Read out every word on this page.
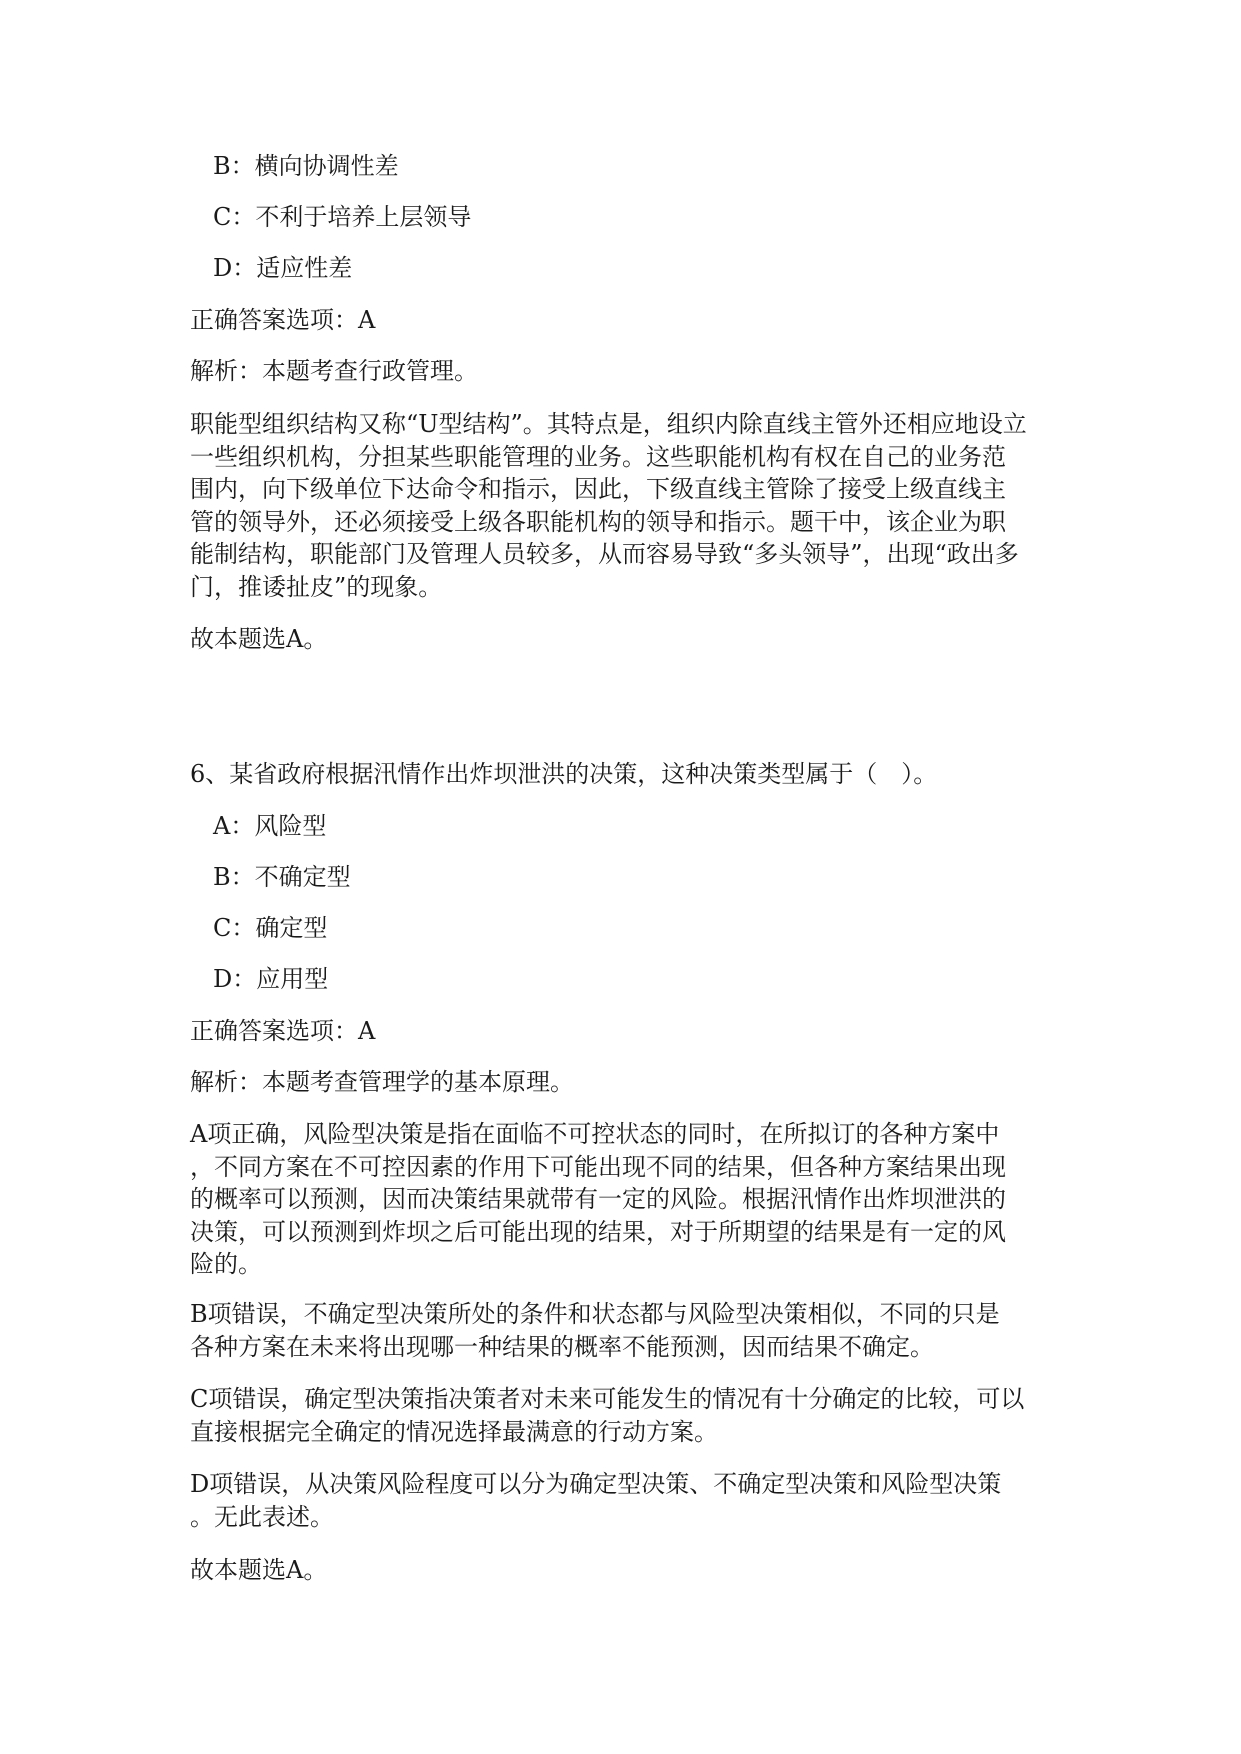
B：横向协调性差
C：不利于培养上层领导
D：适应性差
正确答案选项：A
解析：本题考查行政管理。
职能型组织结构又称“U型结构”。其特点是，组织内除直线主管外还相应地设立
一些组织机构，分担某些职能管理的业务。这些职能机构有权在自己的业务范
围内，向下级单位下达命令和指示，因此，下级直线主管除了接受上级直线主
管的领导外，还必须接受上级各职能机构的领导和指示。题干中，该企业为职
能制结构，职能部门及管理人员较多，从而容易导致“多头领导”，出现“政出多
门，推诿扯皮”的现象。
故本题选A。
6、某省政府根据汛情作出炸坝泄洪的决策，这种决策类型属于（　）。
A：风险型
B：不确定型
C：确定型
D：应用型
正确答案选项：A
解析：本题考查管理学的基本原理。
A项正确，风险型决策是指在面临不可控状态的同时，在所拟订的各种方案中
，不同方案在不可控因素的作用下可能出现不同的结果，但各种方案结果出现
的概率可以预测，因而决策结果就带有一定的风险。根据汛情作出炸坝泄洪的
决策，可以预测到炸坝之后可能出现的结果，对于所期望的结果是有一定的风
险的。
B项错误，不确定型决策所处的条件和状态都与风险型决策相似，不同的只是
各种方案在未来将出现哪一种结果的概率不能预测，因而结果不确定。
C项错误，确定型决策指决策者对未来可能发生的情况有十分确定的比较，可以
直接根据完全确定的情况选择最满意的行动方案。
D项错误，从决策风险程度可以分为确定型决策、不确定型决策和风险型决策
。无此表述。
故本题选A。
